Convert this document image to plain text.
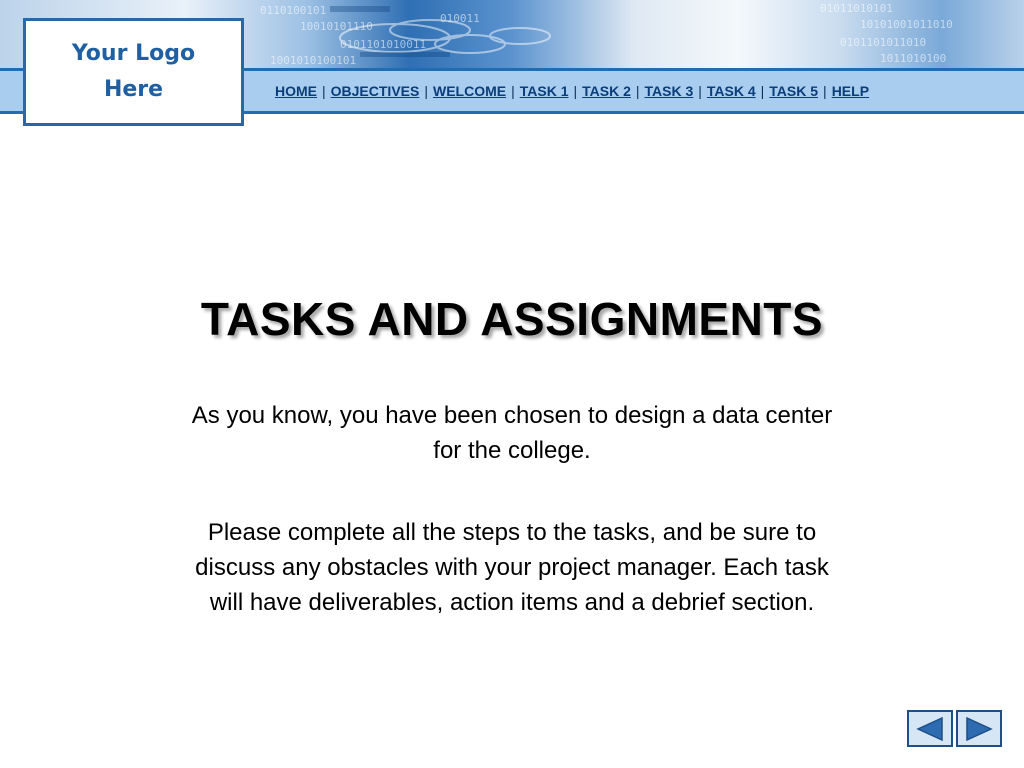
0110100101
10010101110
0101101010011
1001010100101
010011
01011010101
10101001011010
0101101011010
1011010100
HOME | OBJECTIVES | WELCOME | TASK 1 | TASK 2 | TASK 3 | TASK 4 | TASK 5 | HELP
Your Logo
Here
TASKS AND ASSIGNMENTS

As you know, you have been chosen to design a data center for the college.

Please complete all the steps to the tasks, and be sure to discuss any obstacles with your project manager. Each task will have deliverables, action items and a debrief section.
